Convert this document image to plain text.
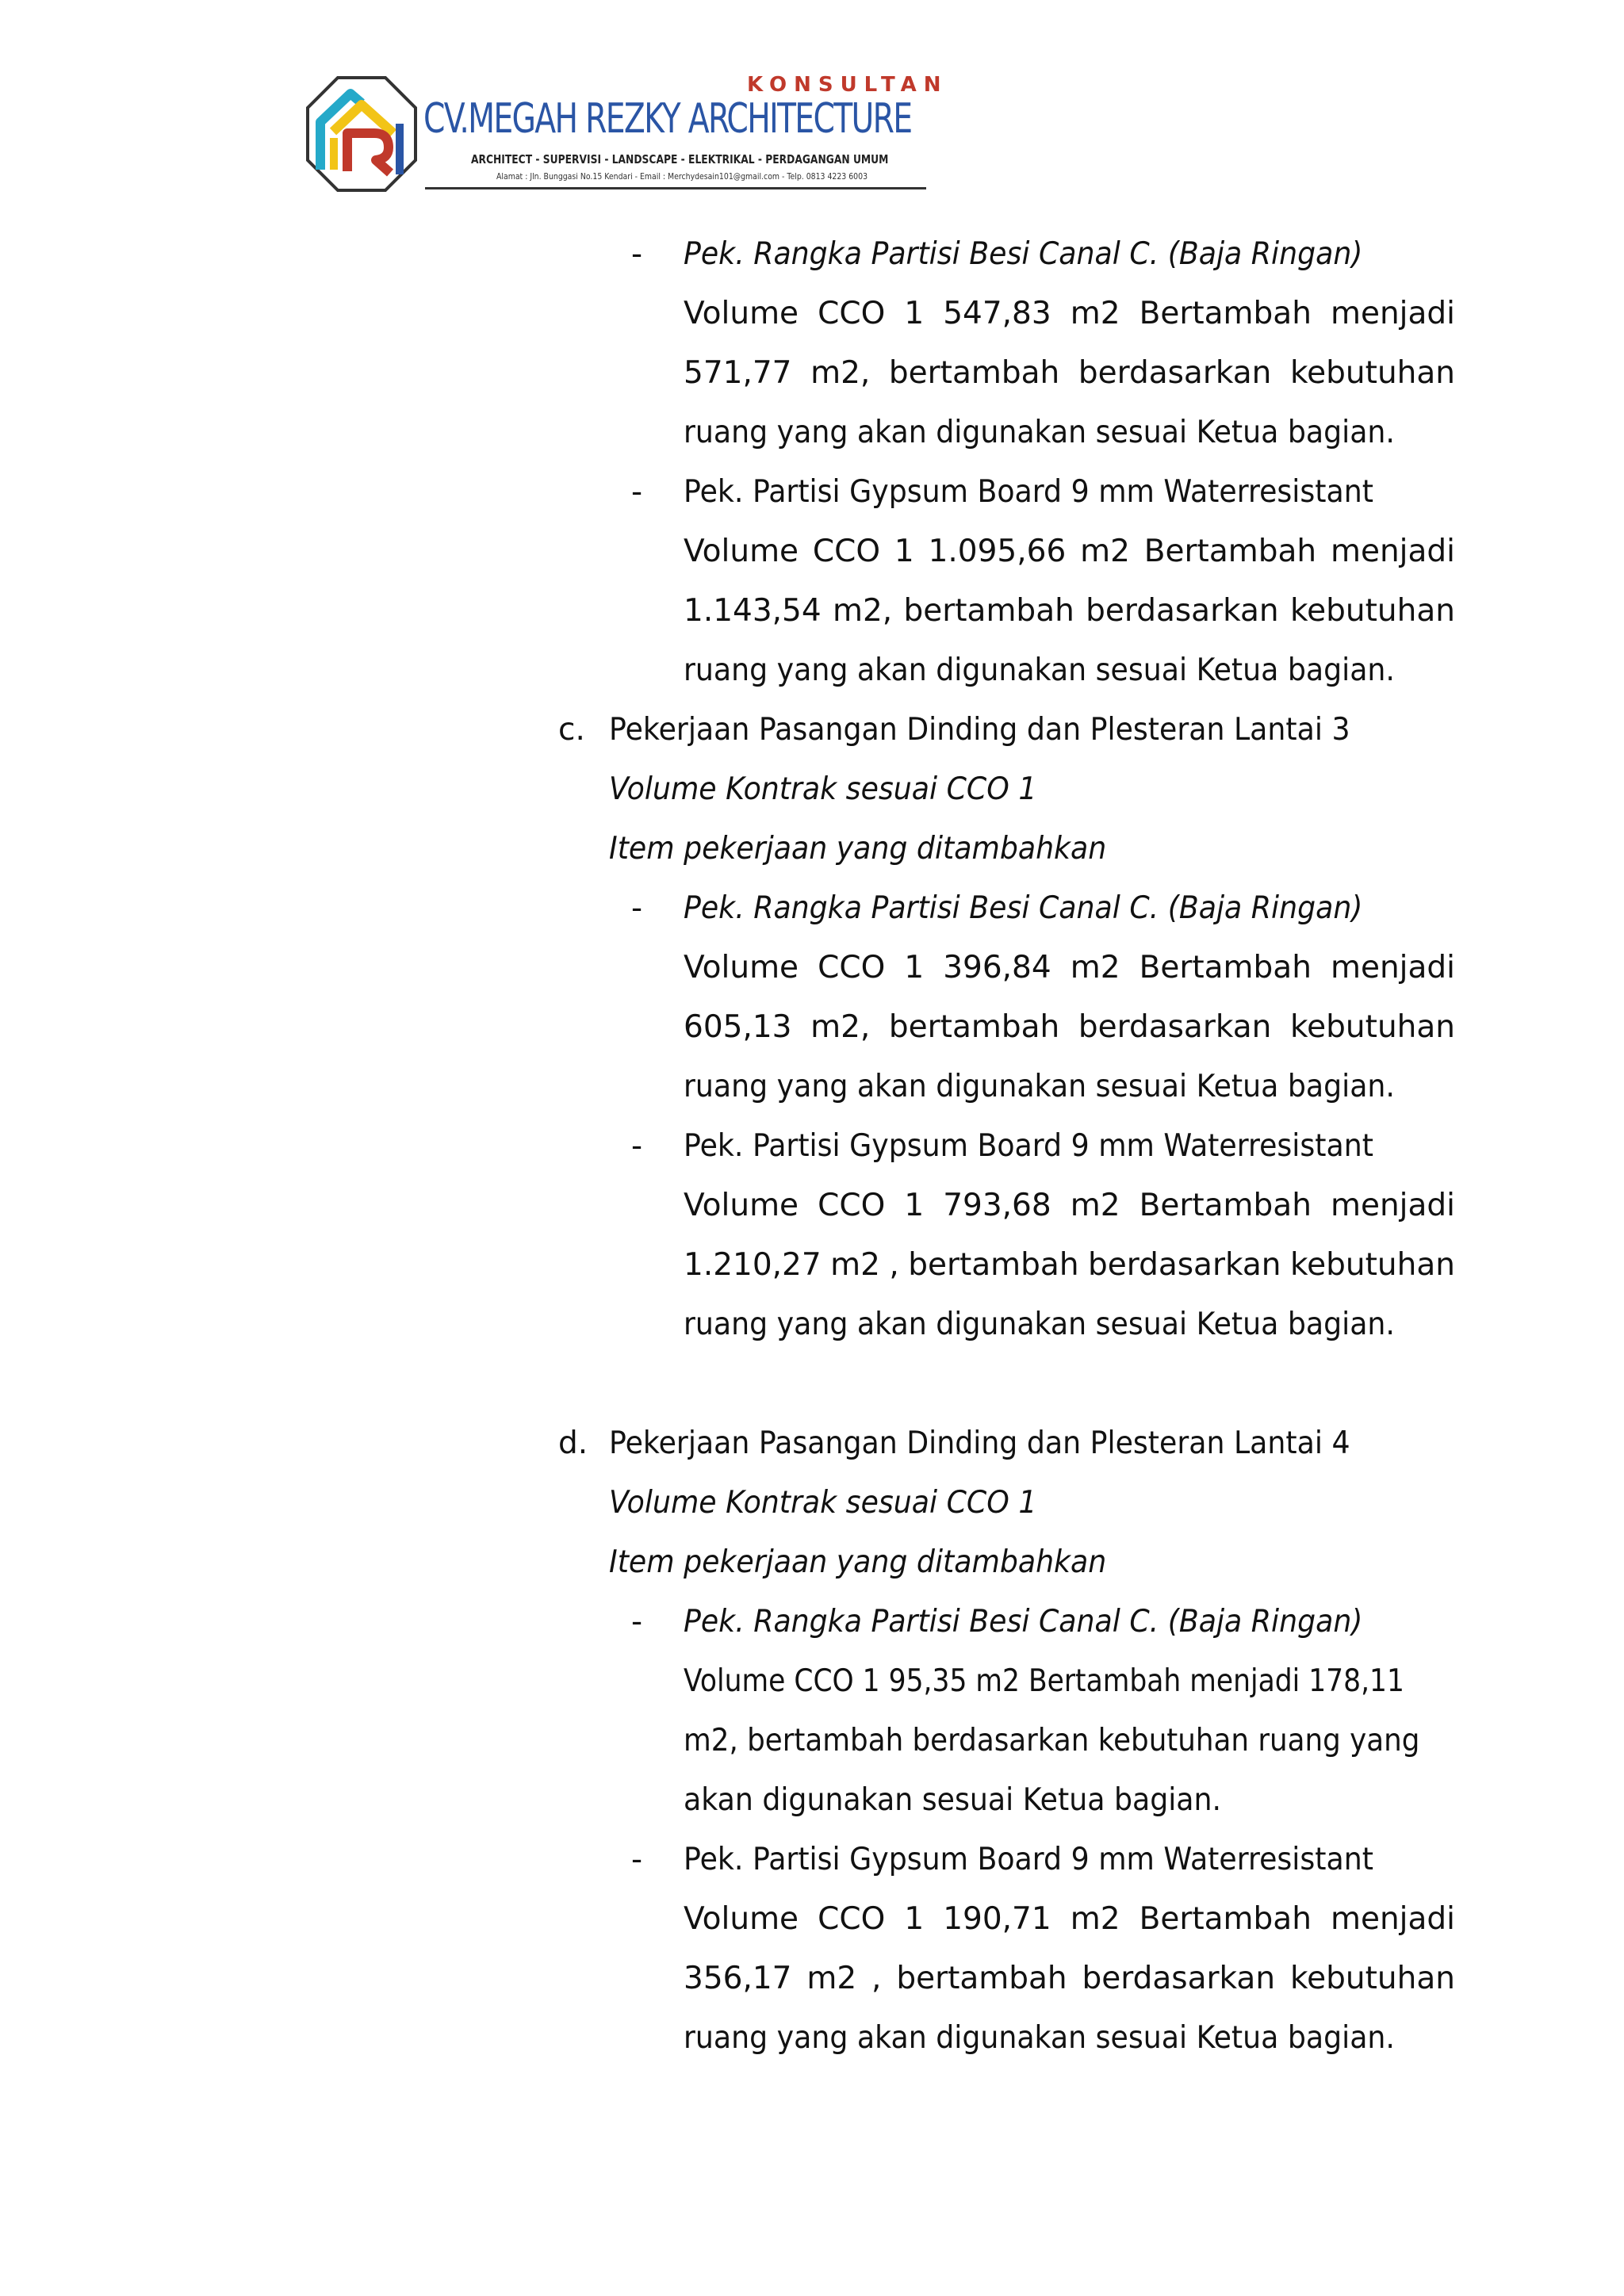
KONSULTAN
CV.MEGAH REZKY ARCHITECTURE
ARCHITECT - SUPERVISI - LANDSCAPE - ELEKTRIKAL - PERDAGANGAN UMUM
Alamat : Jln. Bunggasi No.15 Kendari - Email : Merchydesain101@gmail.com - Telp. 0813 4223 6003
- Pek. Rangka Partisi Besi Canal C. (Baja Ringan)
Volume CCO 1 547,83 m2 Bertambah menjadi
571,77 m2, bertambah berdasarkan kebutuhan
ruang yang akan digunakan sesuai Ketua bagian.
- Pek. Partisi Gypsum Board 9 mm Waterresistant
Volume CCO 1 1.095,66 m2 Bertambah menjadi
1.143,54 m2, bertambah berdasarkan kebutuhan
ruang yang akan digunakan sesuai Ketua bagian.
c. Pekerjaan Pasangan Dinding dan Plesteran Lantai 3
Volume Kontrak sesuai CCO 1
Item pekerjaan yang ditambahkan
- Pek. Rangka Partisi Besi Canal C. (Baja Ringan)
Volume CCO 1 396,84 m2 Bertambah menjadi
605,13 m2, bertambah berdasarkan kebutuhan
ruang yang akan digunakan sesuai Ketua bagian.
- Pek. Partisi Gypsum Board 9 mm Waterresistant
Volume CCO 1 793,68 m2 Bertambah menjadi
1.210,27 m2 , bertambah berdasarkan kebutuhan
ruang yang akan digunakan sesuai Ketua bagian.
d. Pekerjaan Pasangan Dinding dan Plesteran Lantai 4
Volume Kontrak sesuai CCO 1
Item pekerjaan yang ditambahkan
- Pek. Rangka Partisi Besi Canal C. (Baja Ringan)
Volume CCO 1 95,35 m2 Bertambah menjadi 178,11
m2, bertambah berdasarkan kebutuhan ruang yang
akan digunakan sesuai Ketua bagian.
- Pek. Partisi Gypsum Board 9 mm Waterresistant
Volume CCO 1 190,71 m2 Bertambah menjadi
356,17 m2 , bertambah berdasarkan kebutuhan
ruang yang akan digunakan sesuai Ketua bagian.
